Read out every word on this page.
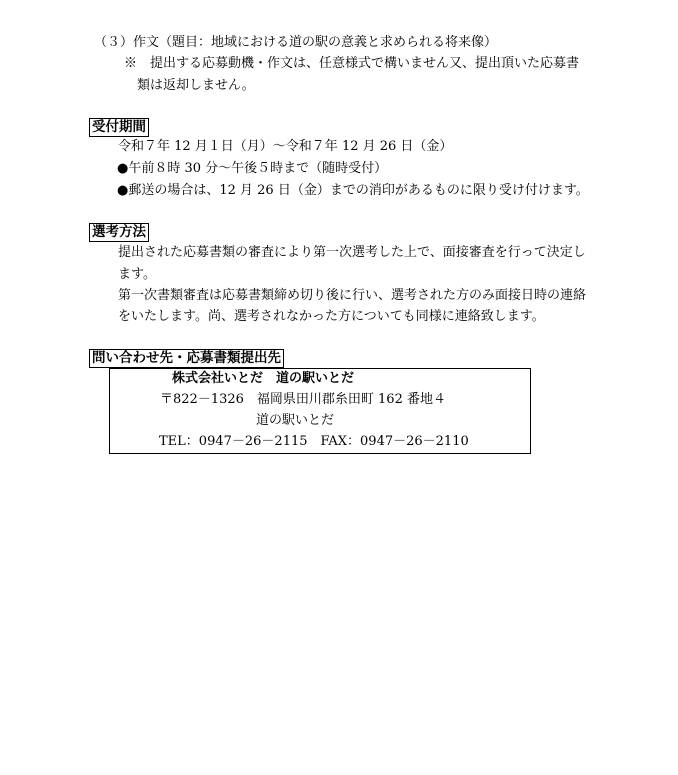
（３）作文（題目：地域における道の駅の意義と求められる将来像）
※　提出する応募動機・作文は、任意様式で構いません又、提出頂いた応募書
類は返却しません。
受付期間
令和７年 12 月１日（月）～令和７年 12 月 26 日（金）
●午前８時 30 分～午後５時まで（随時受付）
●郵送の場合は、12 月 26 日（金）までの消印があるものに限り受け付けます。
選考方法
提出された応募書類の審査により第一次選考した上で、面接審査を行って決定し
ます。
第一次書類審査は応募書類締め切り後に行い、選考された方のみ面接日時の連絡
をいたします。尚、選考されなかった方についても同様に連絡致します。
問い合わせ先・応募書類提出先
株式会社いとだ　道の駅いとだ
〒822－1326　福岡県田川郡糸田町 162 番地４
道の駅いとだ
TEL：0947－26－2115　FAX：0947－26－2110
